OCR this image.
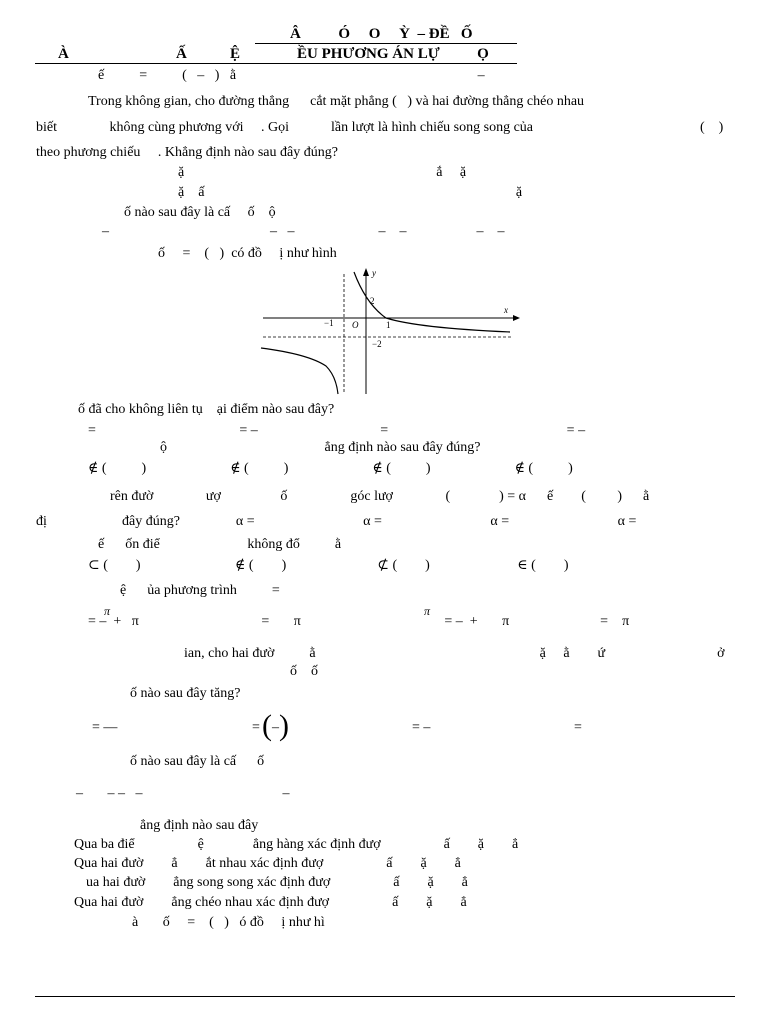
Â          Ó     O     Ỳ  – ĐỀ   Ố
À	Ấ	Ệ	ỀU PHƯƠNG ÁN LỰ          Ọ
ế          =          (   –   )   ằ                                                                     –
Trong không gian, cho đường thẳng      cắt mặt phẳng (   ) và hai đường thẳng chéo nhau
biết               không cùng phương với     . Gọi            lần lượt là hình chiếu song song của	(    )
theo phương chiếu     . Khẳng định nào sau đây đúng?
ặ                                                                        ắ     ặ
ặ    ấ                                                                                         ặ
ố nào sau đây là cấ     ố    ộ
–                                              –   –                        –    –                    –    –
ố     =    (   )  có đồ     ị như hình
y
x
O
2
1
−1
−2
ố đã cho không liên tụ    ại điểm nào sau đây?
=                                         = –                                   =                                                   = –
ộ                                             ẳng định nào sau đây đúng?
∉ (          )                        ∉ (          )                        ∉ (          )                        ∉ (          )
rên đườ               ượ                 ố                  góc lượ               (              ) = α      ế        (         )      ằ
đị	đây đúng?                α =                               α =                               α =                               α =
ế      ốn điể                         không đổ          ằ
⊂ (        )                           ∉ (        )                          ⊄ (        )                         ∈ (        )
ệ      ủa phương trình          =
π	π
= –  +   π                                   =       π                                         = –  +       π                          =    π
ian, cho hai đườ          ằ                                                                ặ     ằ        ứ                                ở
ố    ố
ố nào sau đây tăng?
= —	= (–)	= –	=
ố nào sau đây là cấ      ố
–       – –   –                                        –
ẳng định nào sau đây
Qua ba điể                  ệ              ẳng hàng xác định đượ                  ấ        ặ        ẳ
Qua hai đườ        ẳ        ắt nhau xác định đượ                  ấ        ặ        ẳ
ua hai đườ        ẳng song song xác định đượ                  ấ        ặ        ẳ
Qua hai đườ        ẳng chéo nhau xác định đượ                  ấ        ặ        ẳ
à       ố     =    (   )   ó đồ     ị như hì
